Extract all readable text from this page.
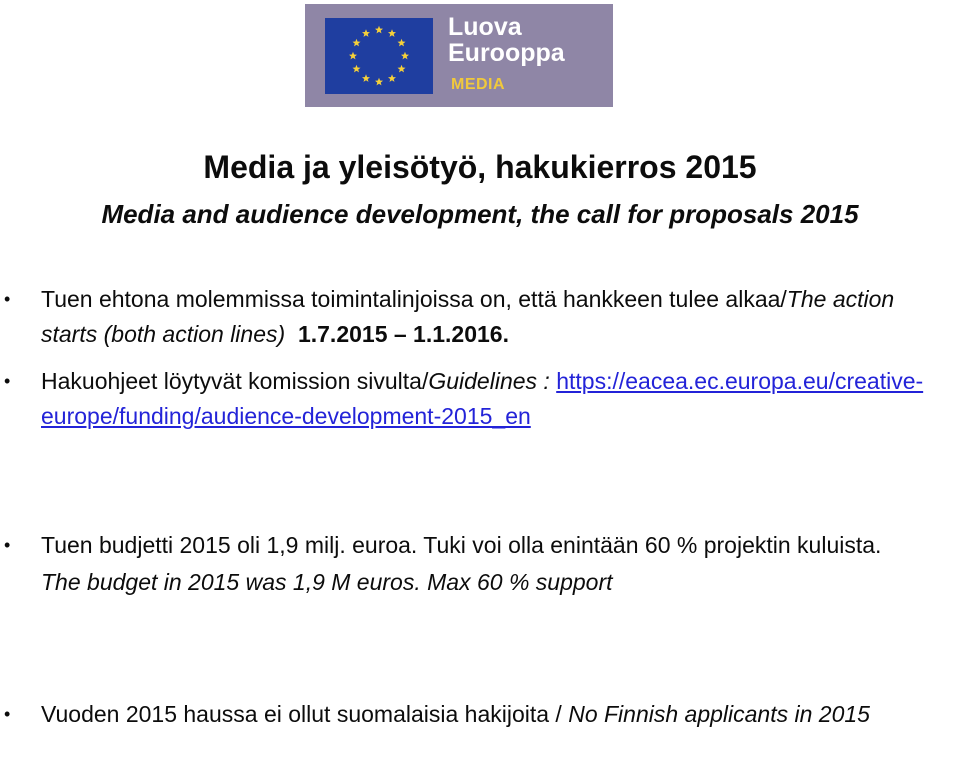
Luova
Eurooppa
MEDIA
Media ja yleisötyö, hakukierros 2015
Media and audience development, the call for proposals 2015
• Tuen ehtona molemmissa toimintalinjoissa on, että hankkeen tulee alkaa/The action starts (both action lines) 1.7.2015 – 1.1.2016.
• Hakuohjeet löytyvät komission sivulta/Guidelines : https://eacea.ec.europa.eu/creative-europe/funding/audience-development-2015_en
• Tuen budjetti 2015 oli 1,9 milj. euroa. Tuki voi olla enintään 60 % projektin kuluista.
The budget in 2015 was 1,9 M euros. Max 60 % support
• Vuoden 2015 haussa ei ollut suomalaisia hakijoita / No Finnish applicants in 2015
